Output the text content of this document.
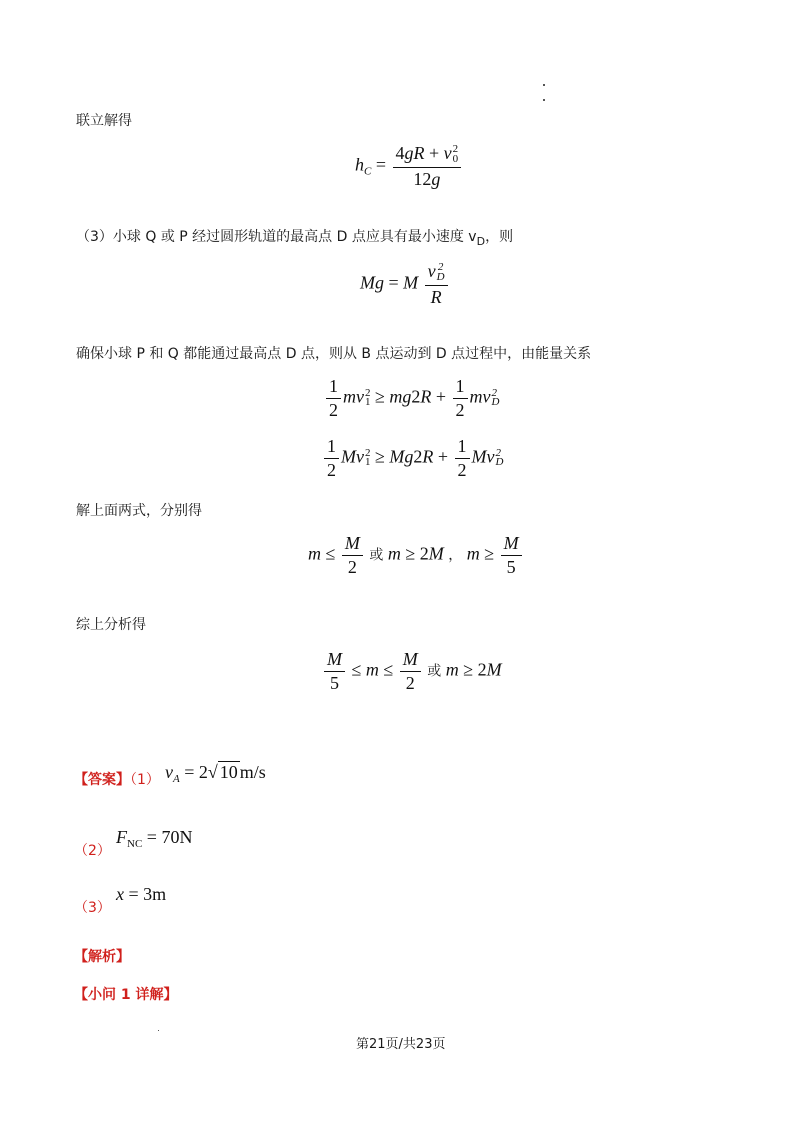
联立解得
$h_C = 4gR + v$ 2
0
12g
（3）小球 Q 或 P 经过圆形轨道的最高点 D 点应具有最小速度 $v_D$，则
Mg = M v 2
D
R
确保小球 P 和 Q 都能通过最高点 D 点，则从 B 点运动到 D 点过程中，由能量关系
$\frac{1}{2}$ mv 2
$1 \ge mg2R + \frac{1}{2}$ mv 2
D
$\frac{1}{2}$ Mv 2
$1 \ge Mg2R + \frac{1}{2}$ Mv 2
D
解上面两式，分别得
$m \le \frac{M}{2}$ 或 m ≥ 2M ， $m \ge \frac{M}{5}$
综上分析得
$\frac{M}{5} \le m \le \frac{M}{2}$ 或 m ≥ 2M
【答案】（1） $v_A = 2√$ 10 m/s
（2） $F_{NC} = 70N$
（3） x = 3m
【解析】
【小问 1 详解】
第21页/共23页
